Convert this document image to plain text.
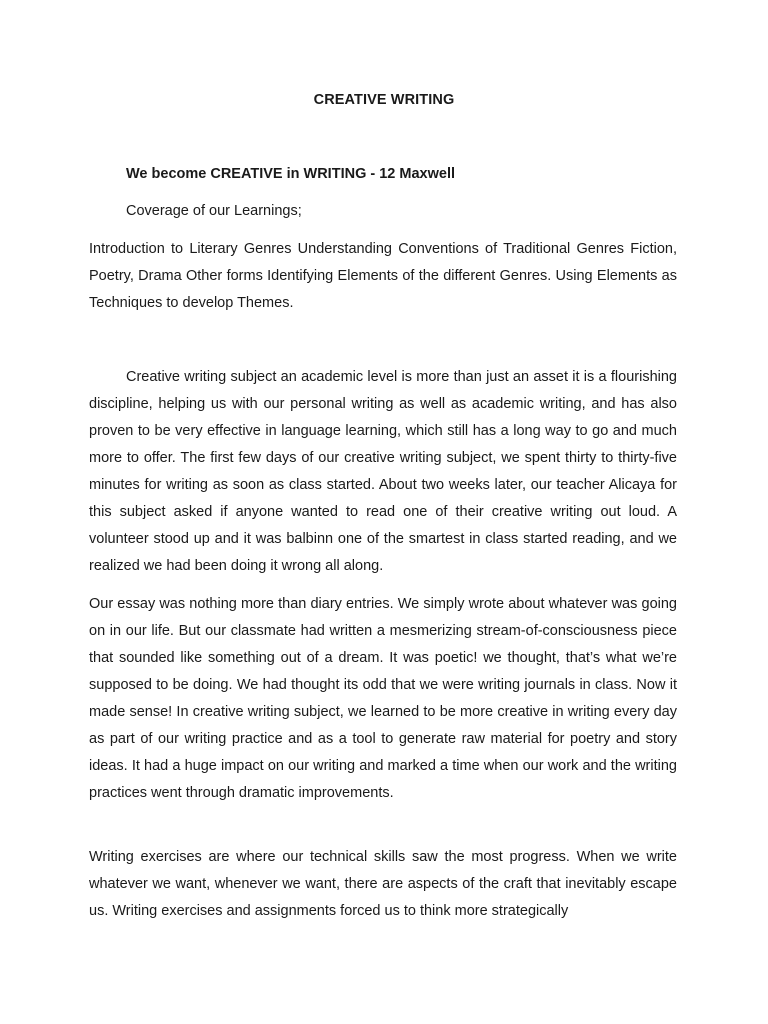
CREATIVE WRITING
We become CREATIVE in WRITING - 12 Maxwell
Coverage of our Learnings;

Introduction to Literary Genres Understanding Conventions of Traditional Genres Fiction, Poetry, Drama Other forms Identifying Elements of the different Genres. Using Elements as Techniques to develop Themes.

Creative writing subject an academic level is more than just an asset it is a flourishing discipline, helping us with our personal writing as well as academic writing, and has also proven to be very effective in language learning, which still has a long way to go and much more to offer. The first few days of our creative writing subject, we spent thirty to thirty-five minutes for writing as soon as class started. About two weeks later, our teacher Alicaya for this subject asked if anyone wanted to read one of their creative writing out loud. A volunteer stood up and it was balbinn one of the smartest in class started reading, and we realized we had been doing it wrong all along.

Our essay was nothing more than diary entries. We simply wrote about whatever was going on in our life. But our classmate had written a mesmerizing stream-of-consciousness piece that sounded like something out of a dream. It was poetic! we thought, that’s what we’re supposed to be doing. We had thought its odd that we were writing journals in class. Now it made sense! In creative writing subject, we learned to be more creative in writing every day as part of our writing practice and as a tool to generate raw material for poetry and story ideas. It had a huge impact on our writing and marked a time when our work and the writing practices went through dramatic improvements.

Writing exercises are where our technical skills saw the most progress. When we write whatever we want, whenever we want, there are aspects of the craft that inevitably escape us. Writing exercises and assignments forced us to think more strategically
